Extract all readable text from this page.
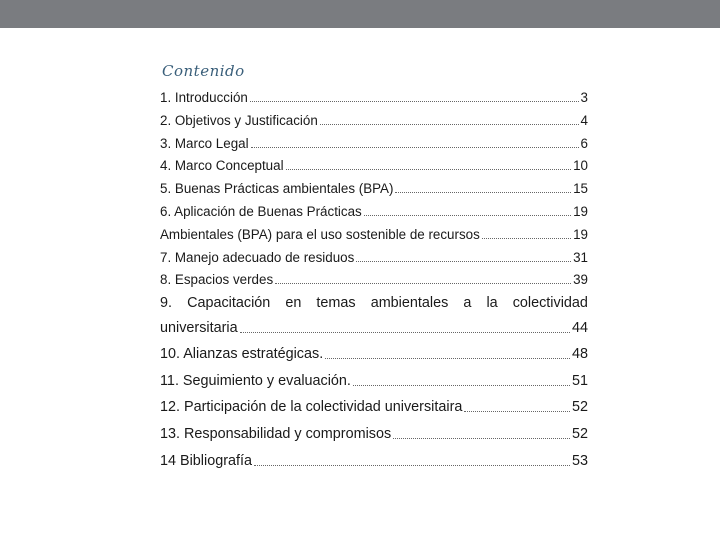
Contenido
1. Introducción	3
2. Objetivos y Justificación	4
3. Marco Legal	6
4. Marco Conceptual	10
5. Buenas Prácticas ambientales (BPA)	15
6. Aplicación de Buenas Prácticas	19
Ambientales (BPA) para el uso sostenible de recursos	19
7. Manejo adecuado de residuos	31
8. Espacios verdes	39
9. Capacitación en temas ambientales a la colectividad
universitaria	44
10. Alianzas estratégicas.	48
11. Seguimiento y evaluación.	51
12. Participación de la colectividad universitaira	52
13. Responsabilidad y compromisos	52
14 Bibliografía	53
